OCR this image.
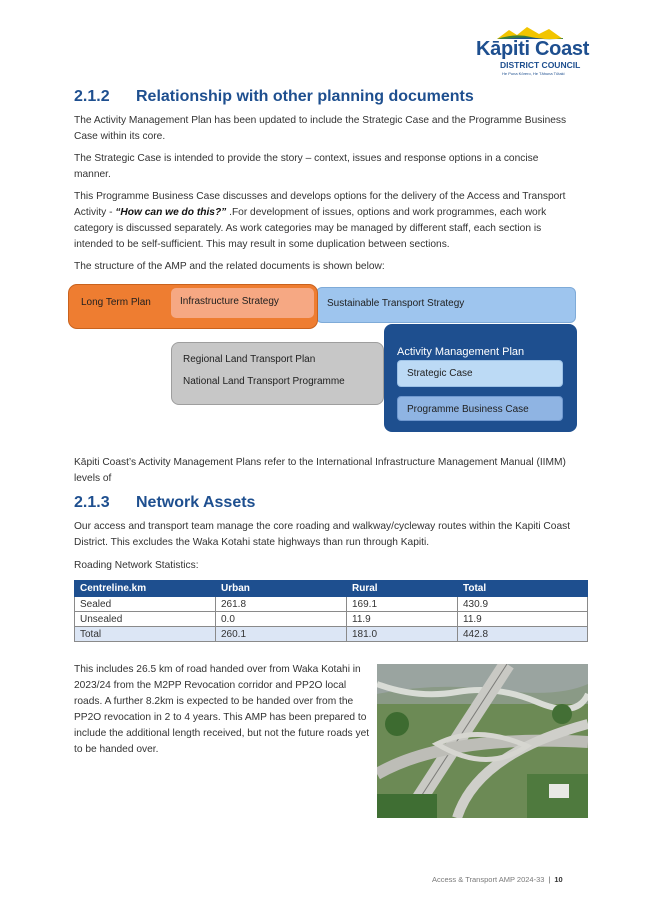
Kāpiti Coast
DISTRICT COUNCIL
He Puna Kōrero, He Tāhuna Tūtaki
2.1.2 Relationship with other planning documents

The Activity Management Plan has been updated to include the Strategic Case and the Programme Business Case within its core.

The Strategic Case is intended to provide the story – context, issues and response options in a concise manner.

This Programme Business Case discusses and develops options for the delivery of the Access and Transport Activity - “How can we do this?” .For development of issues, options and work programmes, each work category is discussed separately. As work categories may be managed by different staff, each section is intended to be self-sufficient. This may result in some duplication between sections.

The structure of the AMP and the related documents is shown below:

Sustainable Transport Strategy
Long Term Plan	Infrastructure Strategy
Regional Land Transport Plan
National Land Transport Programme
Activity Management Plan
Strategic Case
Programme Business Case

Kāpiti Coast’s Activity Management Plans refer to the International Infrastructure Management Manual (IIMM) levels of

2.1.3 Network Assets

Our access and transport team manage the core roading and walkway/cycleway routes within the Kapiti Coast District. This excludes the Waka Kotahi state highways than run through Kapiti.

Roading Network Statistics:

Centreline.km	Urban	Rural	Total
Sealed	261.8	169.1	430.9
Unsealed	0.0	11.9	11.9
Total	260.1	181.0	442.8

This includes 26.5 km of road handed over from Waka Kotahi in 2023/24 from the M2PP Revocation corridor and PP2O local roads. A further 8.2km is expected to be handed over from the PP2O revocation in 2 to 4 years. This AMP has been prepared to include the additional length received, but not the future roads yet to be handed over.

Access & Transport AMP 2024-33 | 10
